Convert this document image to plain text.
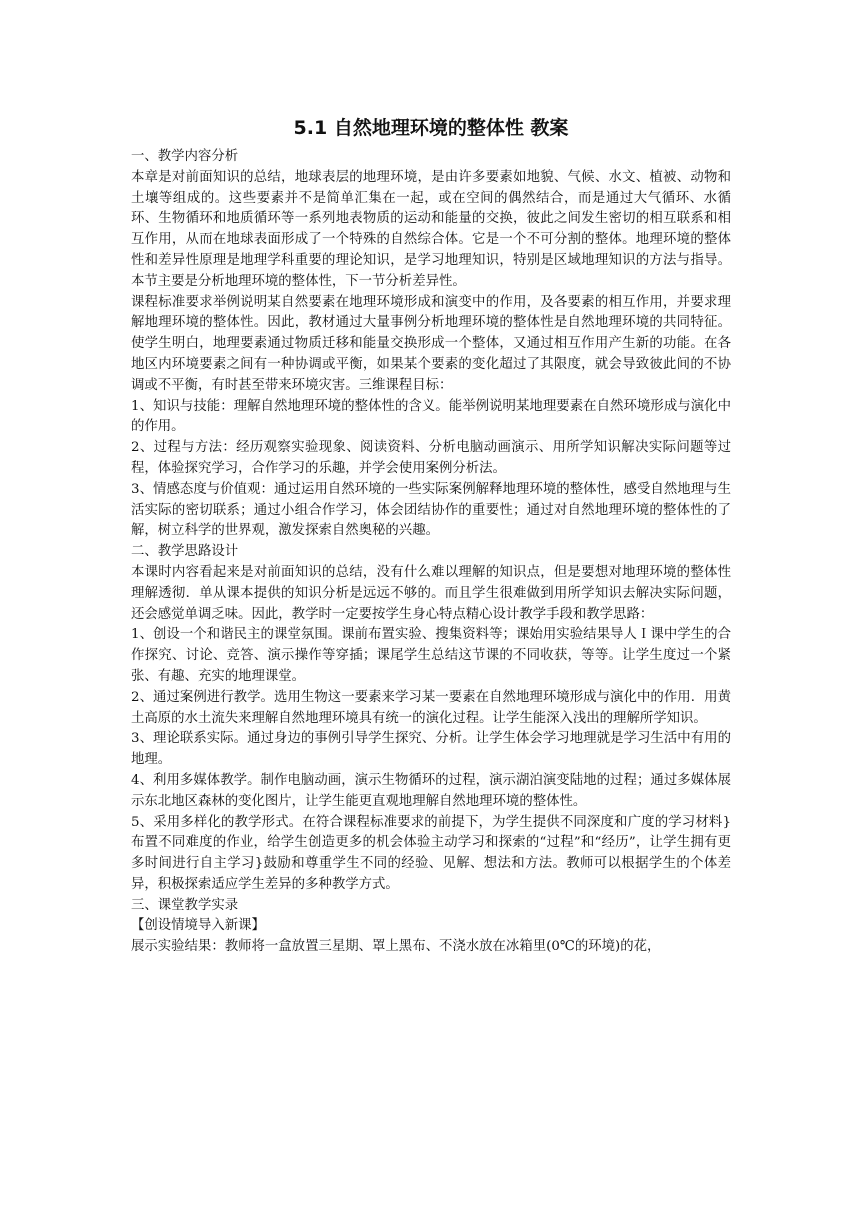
5.1 自然地理环境的整体性 教案

一、教学内容分析

本章是对前面知识的总结，地球表层的地理环境，是由许多要素如地貌、气候、水文、植被、动物和土壤等组成的。这些要素并不是简单汇集在一起，或在空间的偶然结合，而是通过大气循环、水循环、生物循环和地质循环等一系列地表物质的运动和能量的交换，彼此之间发生密切的相互联系和相互作用，从而在地球表面形成了一个特殊的自然综合体。它是一个不可分割的整体。地理环境的整体性和差异性原理是地理学科重要的理论知识，是学习地理知识，特别是区域地理知识的方法与指导。本节主要是分析地理环境的整体性，下一节分析差异性。

课程标准要求举例说明某自然要素在地理环境形成和演变中的作用，及各要素的相互作用，并要求理解地理环境的整体性。因此，教材通过大量事例分析地理环境的整体性是自然地理环境的共同特征。使学生明白，地理要素通过物质迁移和能量交换形成一个整体，又通过相互作用产生新的功能。在各地区内环境要素之间有一种协调或平衡，如果某个要素的变化超过了其限度，就会导致彼此间的不协调或不平衡，有时甚至带来环境灾害。三维课程目标：

1、知识与技能：理解自然地理环境的整体性的含义。能举例说明某地理要素在自然环境形成与演化中的作用。

2、过程与方法：经历观察实验现象、阅读资料、分析电脑动画演示、用所学知识解决实际问题等过程，体验探究学习，合作学习的乐趣，并学会使用案例分析法。

3、情感态度与价值观：通过运用自然环境的一些实际案例解释地理环境的整体性，感受自然地理与生活实际的密切联系；通过小组合作学习，体会团结协作的重要性；通过对自然地理环境的整体性的了解，树立科学的世界观，激发探索自然奥秘的兴趣。

二、教学思路设计

本课时内容看起来是对前面知识的总结，没有什么难以理解的知识点，但是要想对地理环境的整体性理解透彻．单从课本提供的知识分析是远远不够的。而且学生很难做到用所学知识去解决实际问题，还会感觉单调乏味。因此，教学时一定要按学生身心特点精心设计教学手段和教学思路：

1、创设一个和谐民主的课堂氛围。课前布置实验、搜集资料等；课始用实验结果导人Ｉ课中学生的合作探究、讨论、竞答、演示操作等穿插；课尾学生总结这节课的不同收获，等等。让学生度过一个紧张、有趣、充实的地理课堂。

2、通过案例进行教学。选用生物这一要素来学习某一要素在自然地理环境形成与演化中的作用．用黄土高原的水土流失来理解自然地理环境具有统一的演化过程。让学生能深入浅出的理解所学知识。

3、理论联系实际。通过身边的事例引导学生探究、分析。让学生体会学习地理就是学习生活中有用的地理。

4、利用多媒体教学。制作电脑动画，演示生物循环的过程，演示湖泊演变陆地的过程；通过多媒体展示东北地区森林的变化图片，让学生能更直观地理解自然地理环境的整体性。

5、采用多样化的教学形式。在符合课程标准要求的前提下，为学生提供不同深度和广度的学习材料}布置不同难度的作业，给学生创造更多的机会体验主动学习和探索的“过程”和“经历”，让学生拥有更多时间进行自主学习}鼓励和尊重学生不同的经验、见解、想法和方法。教师可以根据学生的个体差异，积极探索适应学生差异的多种教学方式。

三、课堂教学实录

【创设情境导入新课】

展示实验结果：教师将一盒放置三星期、罩上黑布、不浇水放在冰箱里(0℃的环境)的花，
